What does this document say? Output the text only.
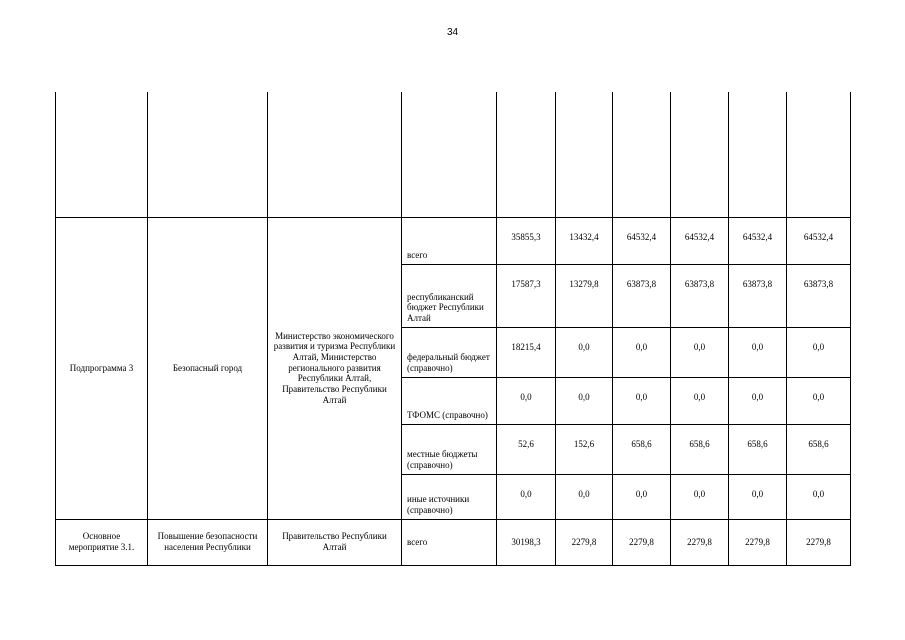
34

Подпрограмма 3	Безопасный город	Министерство экономического развития и туризма Республики Алтай, Министерство регионального развития Республики Алтай, Правительство Республики Алтай	всего	35855,3	13432,4	64532,4	64532,4	64532,4	64532,4
			республиканский бюджет Республики Алтай	17587,3	13279,8	63873,8	63873,8	63873,8	63873,8
			федеральный бюджет (справочно)	18215,4	0,0	0,0	0,0	0,0	0,0
			ТФОМС (справочно)	0,0	0,0	0,0	0,0	0,0	0,0
			местные бюджеты (справочно)	52,6	152,6	658,6	658,6	658,6	658,6
			иные источники (справочно)	0,0	0,0	0,0	0,0	0,0	0,0
Основное мероприятие 3.1.	Повышение безопасности населения Республики	Правительство Республики Алтай	всего	30198,3	2279,8	2279,8	2279,8	2279,8	2279,8
